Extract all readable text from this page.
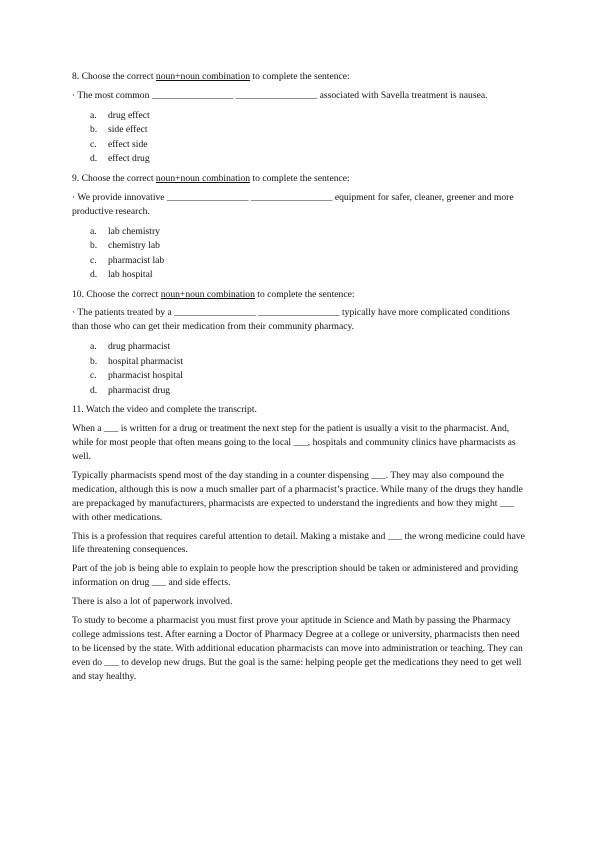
8. Choose the correct noun+noun combination to complete the sentence:

· The most common _________________ _________________ associated with Savella treatment is nausea.

a.	drug effect
b.	side effect
c.	effect side
d.	effect drug

9. Choose the correct noun+noun combination to complete the sentence:

· We provide innovative _________________ _________________ equipment for safer, cleaner, greener and more productive research.

a.	lab chemistry
b.	chemistry lab
c.	pharmacist lab
d.	lab hospital

10. Choose the correct noun+noun combination to complete the sentence:

· The patients treated by a _________________ _________________ typically have more complicated conditions than those who can get their medication from their community pharmacy.

a.	drug pharmacist
b.	hospital pharmacist
c.	pharmacist hospital
d.	pharmacist drug

11. Watch the video and complete the transcript.

When a ___ is written for a drug or treatment the next step for the patient is usually a visit to the pharmacist. And, while for most people that often means going to the local ___, hospitals and community clinics have pharmacists as well.

Typically pharmacists spend most of the day standing in a counter dispensing ___. They may also compound the medication, although this is now a much smaller part of a pharmacist’s practice. While many of the drugs they handle are prepackaged by manufacturers, pharmacists are expected to understand the ingredients and how they might ___ with other medications.

This is a profession that requires careful attention to detail. Making a mistake and ___ the wrong medicine could have life threatening consequences.

Part of the job is being able to explain to people how the prescription should be taken or administered and providing information on drug ___ and side effects.

There is also a lot of paperwork involved.

To study to become a pharmacist you must first prove your aptitude in Science and Math by passing the Pharmacy college admissions test. After earning a Doctor of Pharmacy Degree at a college or university, pharmacists then need to be licensed by the state. With additional education pharmacists can move into administration or teaching. They can even do ___ to develop new drugs. But the goal is the same: helping people get the medications they need to get well and stay healthy.
